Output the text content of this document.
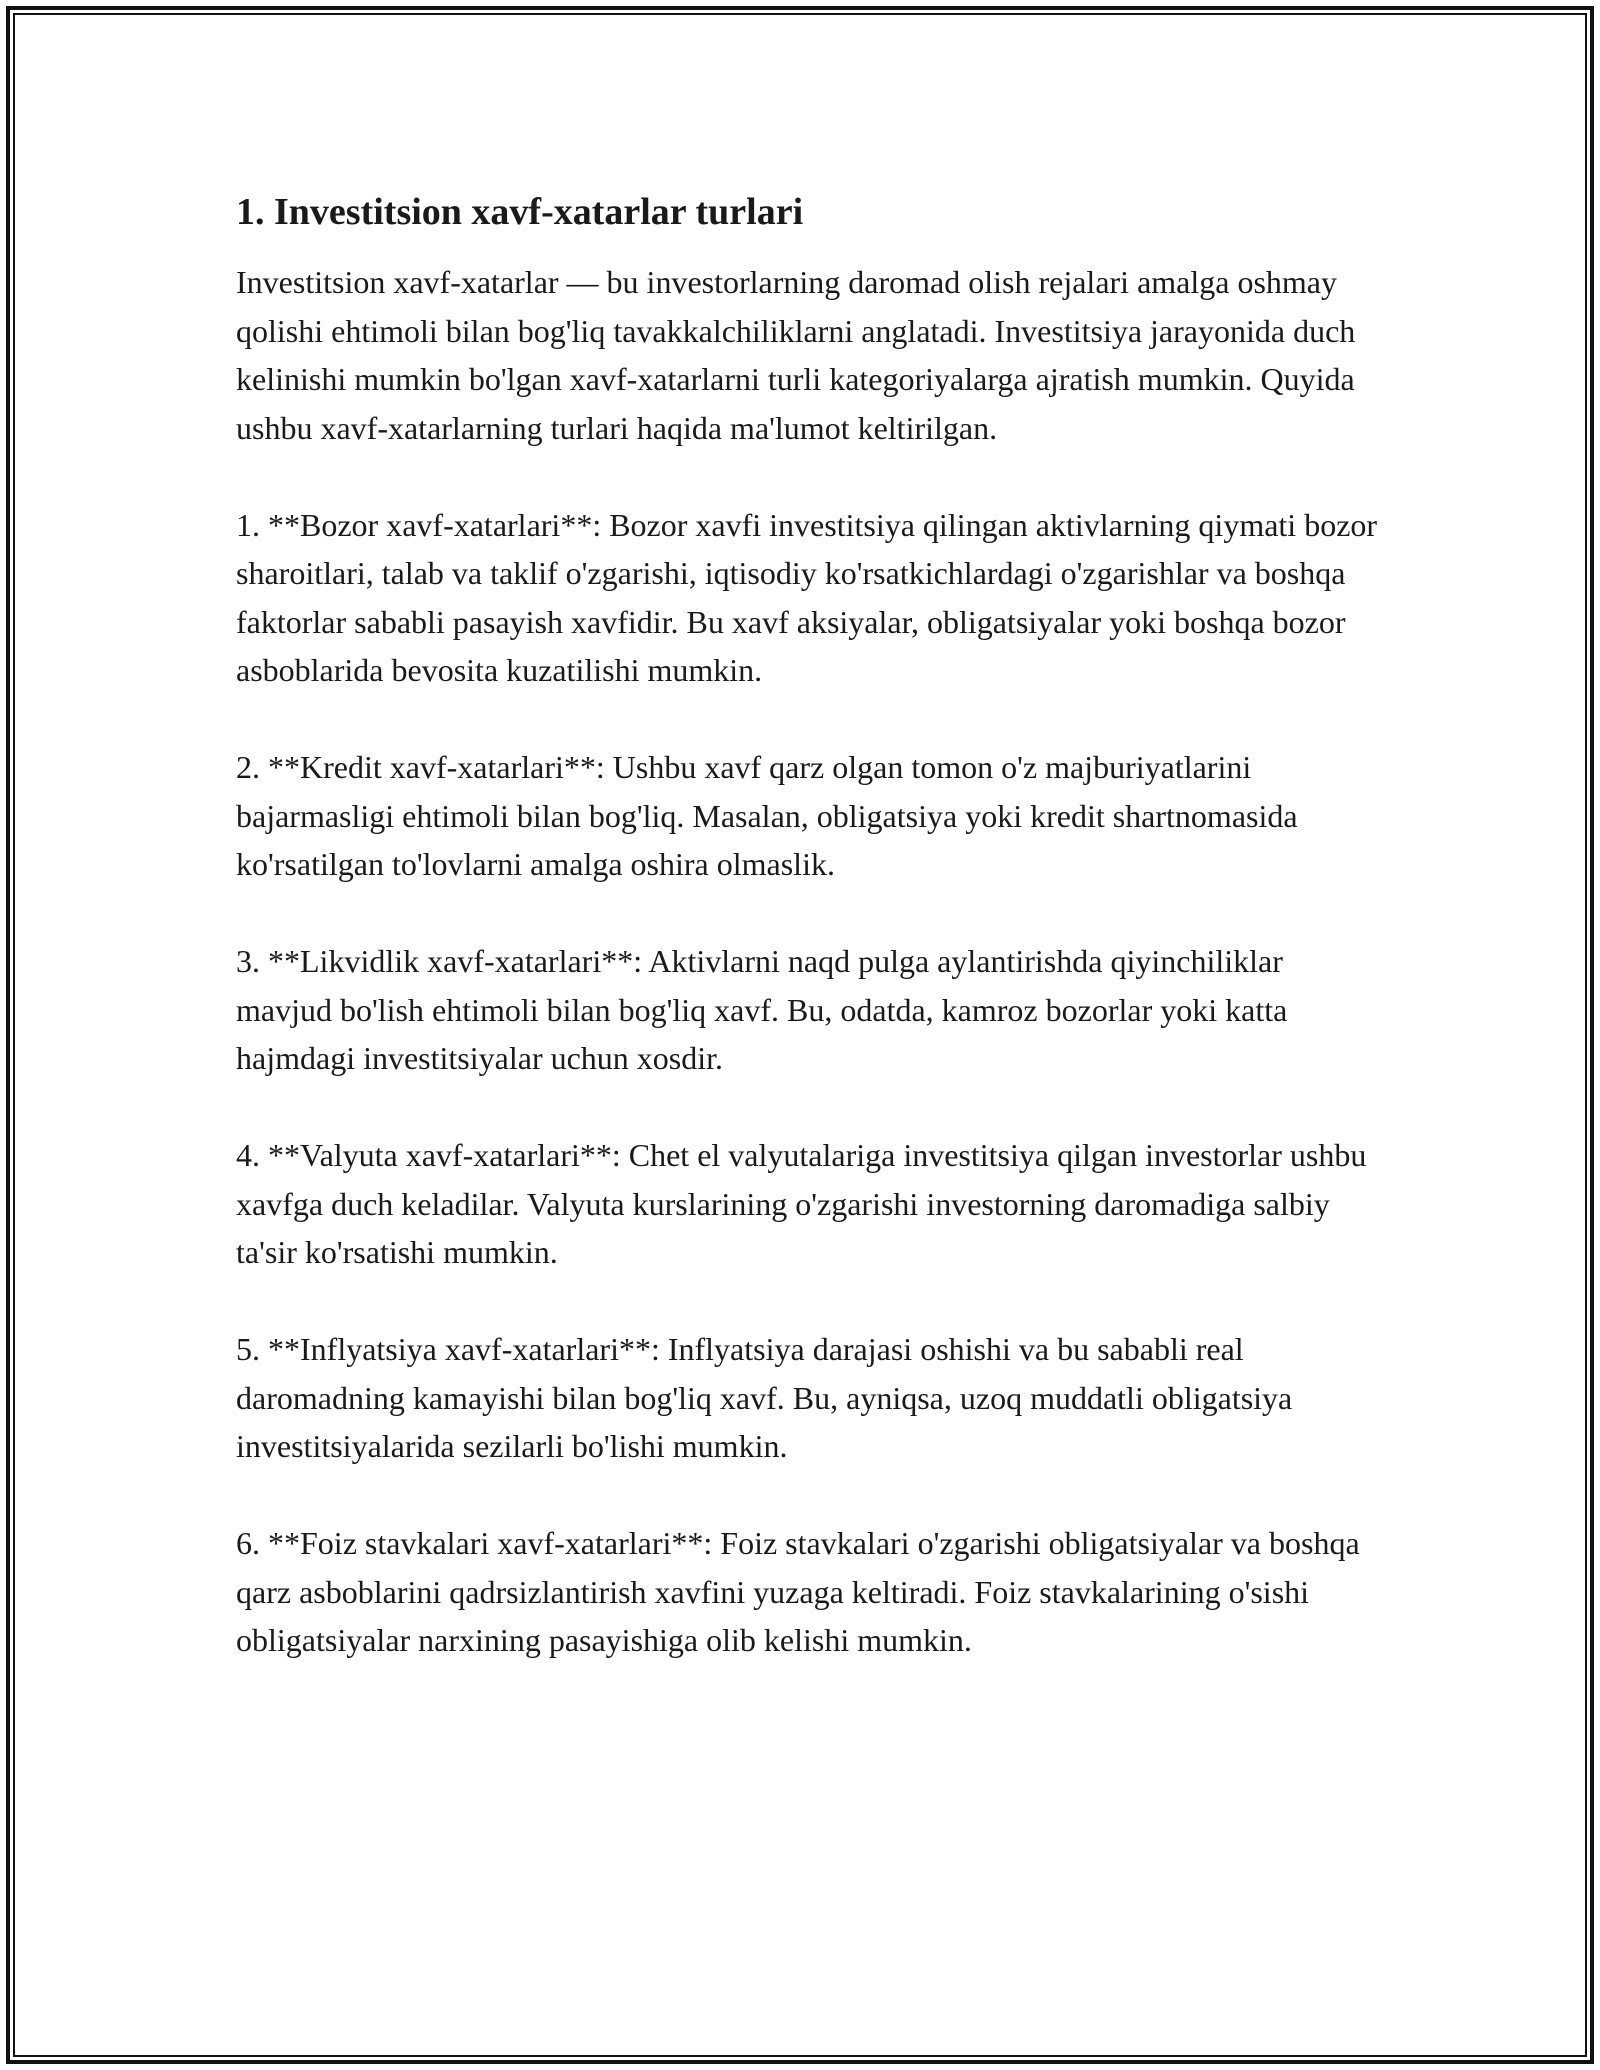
1. Investitsion xavf-xatarlar turlari

Investitsion xavf-xatarlar — bu investorlarning daromad olish rejalari amalga oshmay qolishi ehtimoli bilan bog'liq tavakkalchiliklarni anglatadi. Investitsiya jarayonida duch kelinishi mumkin bo'lgan xavf-xatarlarni turli kategoriyalarga ajratish mumkin. Quyida ushbu xavf-xatarlarning turlari haqida ma'lumot keltirilgan.

1. **Bozor xavf-xatarlari**: Bozor xavfi investitsiya qilingan aktivlarning qiymati bozor sharoitlari, talab va taklif o'zgarishi, iqtisodiy ko'rsatkichlardagi o'zgarishlar va boshqa faktorlar sababli pasayish xavfidir. Bu xavf aksiyalar, obligatsiyalar yoki boshqa bozor asboblarida bevosita kuzatilishi mumkin.

2. **Kredit xavf-xatarlari**: Ushbu xavf qarz olgan tomon o'z majburiyatlarini bajarmasligi ehtimoli bilan bog'liq. Masalan, obligatsiya yoki kredit shartnomasida ko'rsatilgan to'lovlarni amalga oshira olmaslik.

3. **Likvidlik xavf-xatarlari**: Aktivlarni naqd pulga aylantirishda qiyinchiliklar mavjud bo'lish ehtimoli bilan bog'liq xavf. Bu, odatda, kamroz bozorlar yoki katta hajmdagi investitsiyalar uchun xosdir.

4. **Valyuta xavf-xatarlari**: Chet el valyutalariga investitsiya qilgan investorlar ushbu xavfga duch keladilar. Valyuta kurslarining o'zgarishi investorning daromadiga salbiy ta'sir ko'rsatishi mumkin.

5. **Inflyatsiya xavf-xatarlari**: Inflyatsiya darajasi oshishi va bu sababli real daromadning kamayishi bilan bog'liq xavf. Bu, ayniqsa, uzoq muddatli obligatsiya investitsiyalarida sezilarli bo'lishi mumkin.

6. **Foiz stavkalari xavf-xatarlari**: Foiz stavkalari o'zgarishi obligatsiyalar va boshqa qarz asboblarini qadrsizlantirish xavfini yuzaga keltiradi. Foiz stavkalarining o'sishi obligatsiyalar narxining pasayishiga olib kelishi mumkin.
